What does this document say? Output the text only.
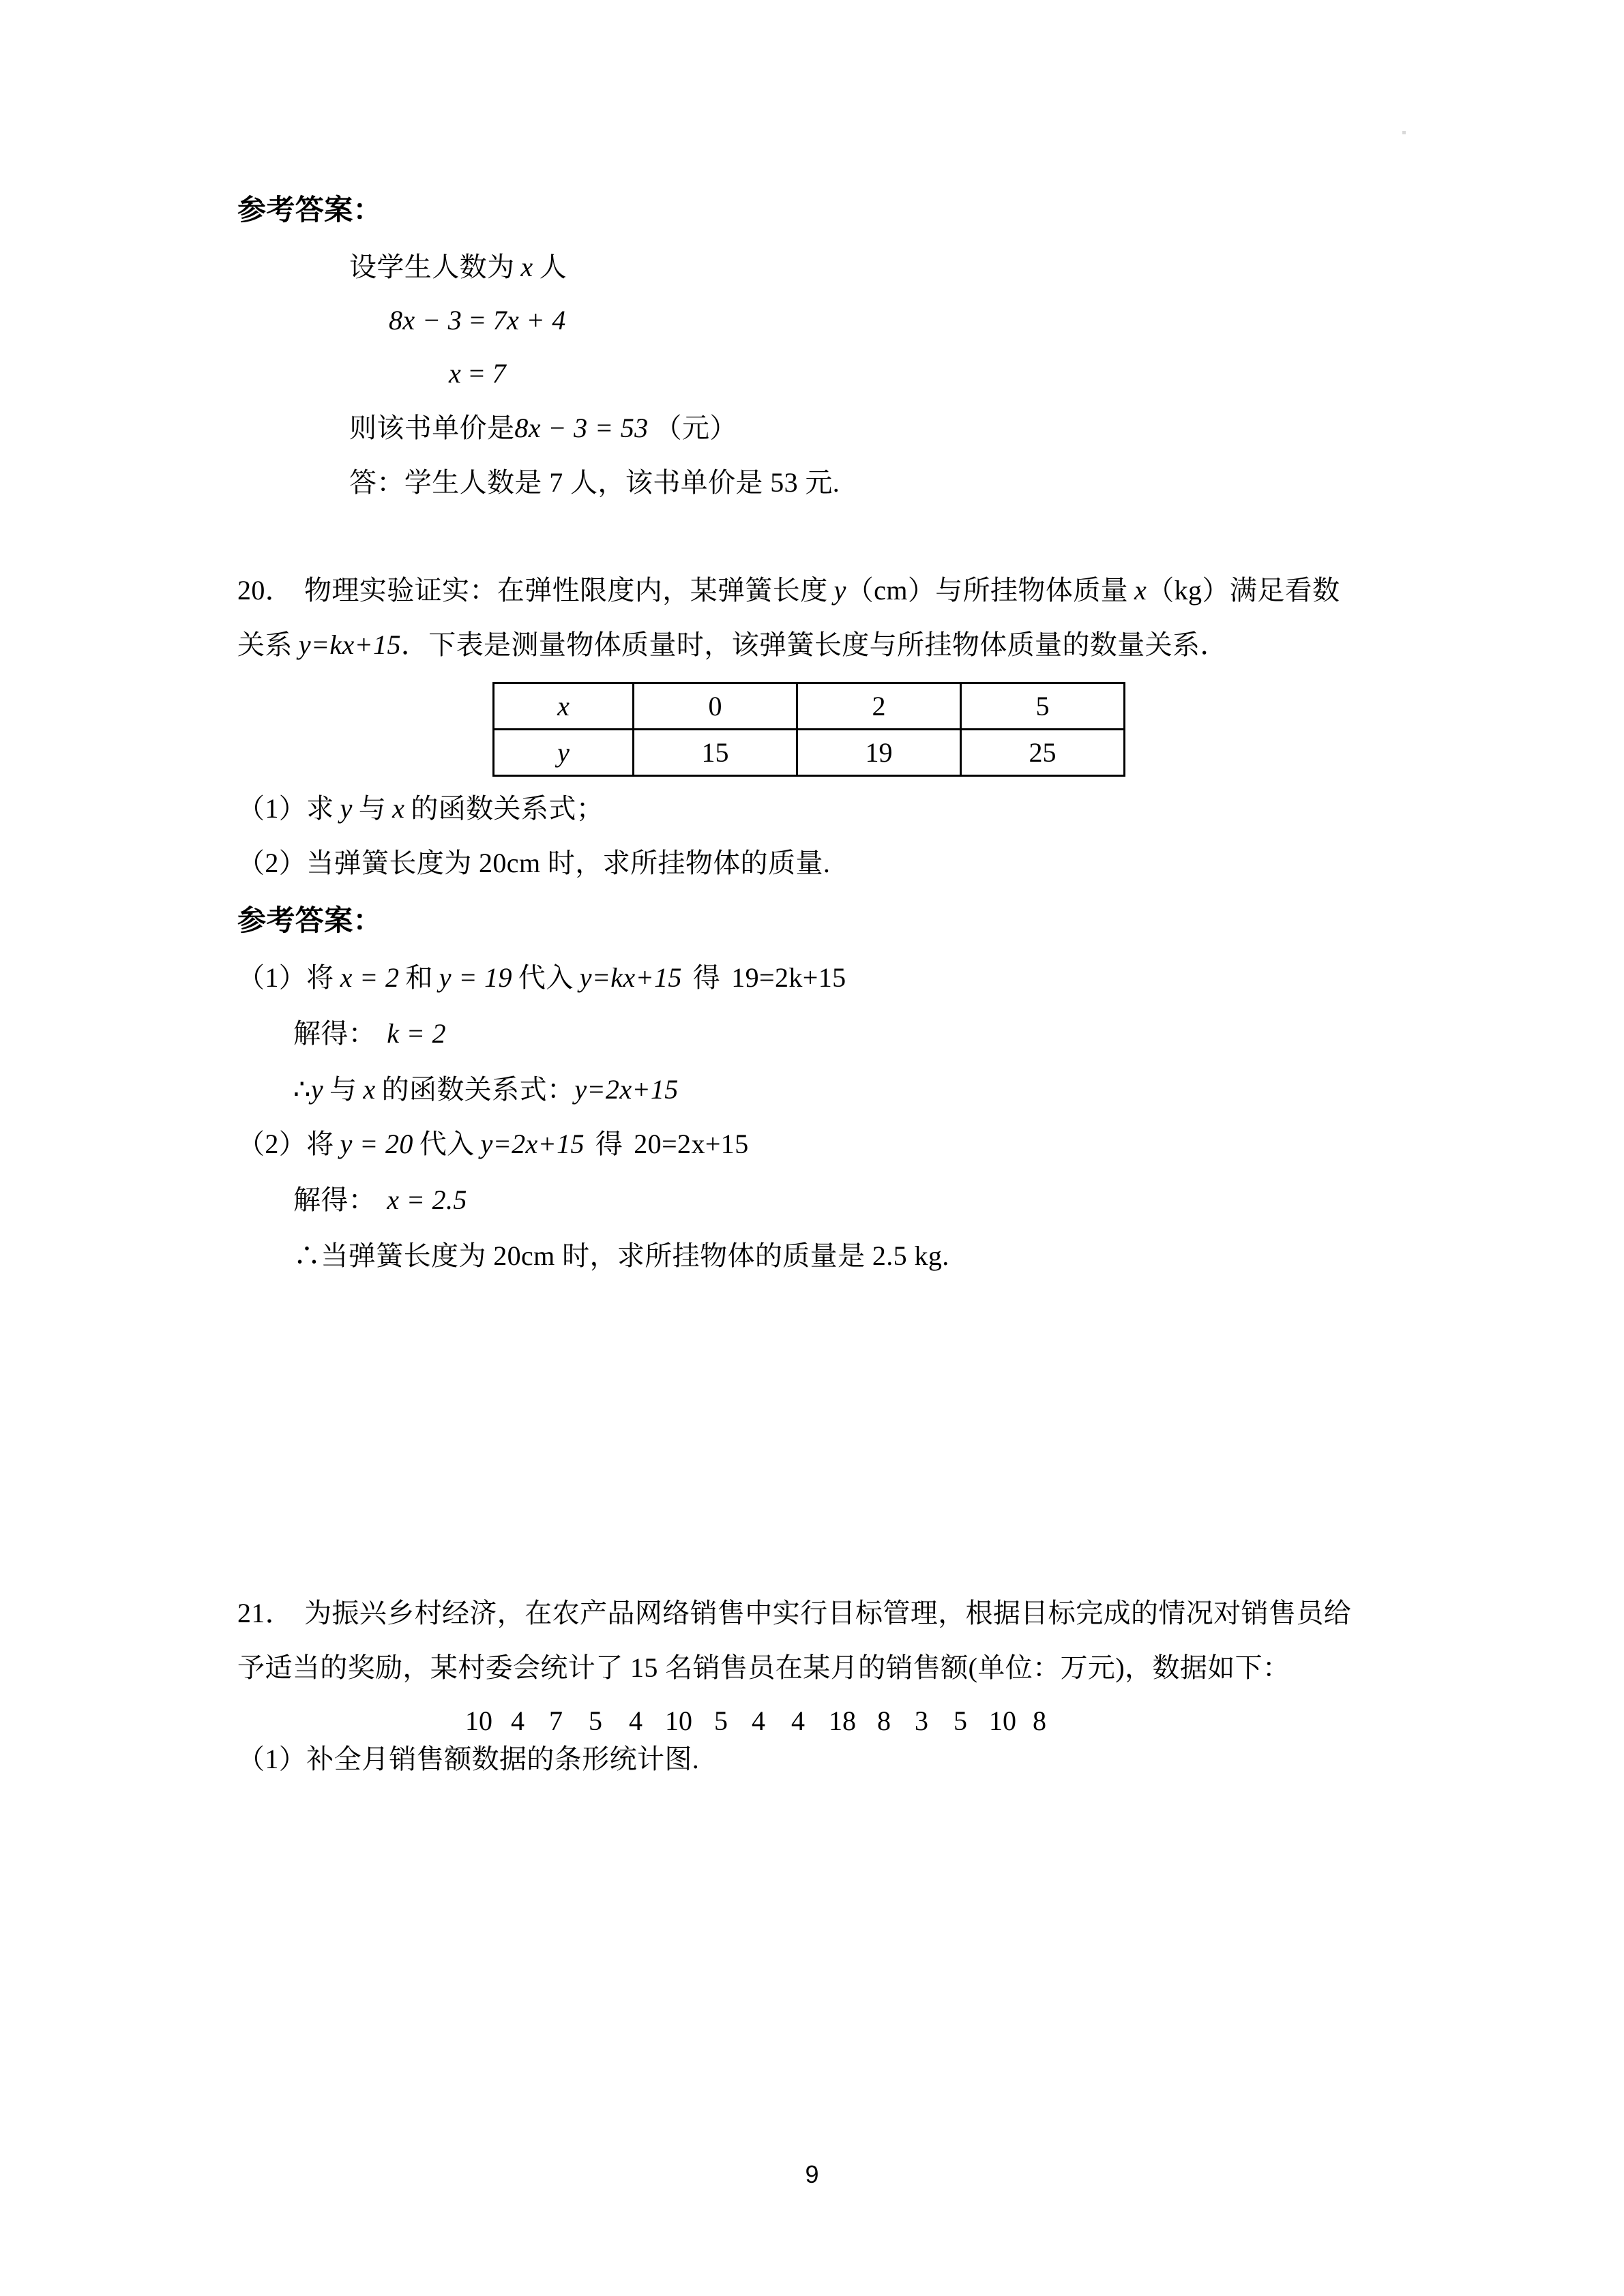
参考答案：
设学生人数为 x 人
8x − 3 = 7x + 4
x = 7
则该书单价是8x − 3 = 53 （元）
答：学生人数是 7 人，该书单价是 53 元.
20． 物理实验证实：在弹性限度内，某弹簧长度 y（cm）与所挂物体质量 x（kg）满足看数
关系 y=kx+15．下表是测量物体质量时，该弹簧长度与所挂物体质量的数量关系．
x	0	2	5
y	15	19	25
（1）求 y 与 x 的函数关系式；
（2）当弹簧长度为 20cm 时，求所挂物体的质量.
参考答案：
（1）将 x = 2 和 y = 19 代入 y=kx+15 得 19=2k+15
解得： k = 2
∴y 与 x 的函数关系式：y=2x+15
（2）将 y = 20 代入 y=2x+15 得 20=2x+15
解得： x = 2.5
∴当弹簧长度为 20cm 时，求所挂物体的质量是 2.5 kg.
21． 为振兴乡村经济，在农产品网络销售中实行目标管理，根据目标完成的情况对销售员给
予适当的奖励，某村委会统计了 15 名销售员在某月的销售额(单位：万元)，数据如下：
10 4 7 5 4 10 5 4 4 18 8 3 5 10 8
（1）补全月销售额数据的条形统计图.
9
